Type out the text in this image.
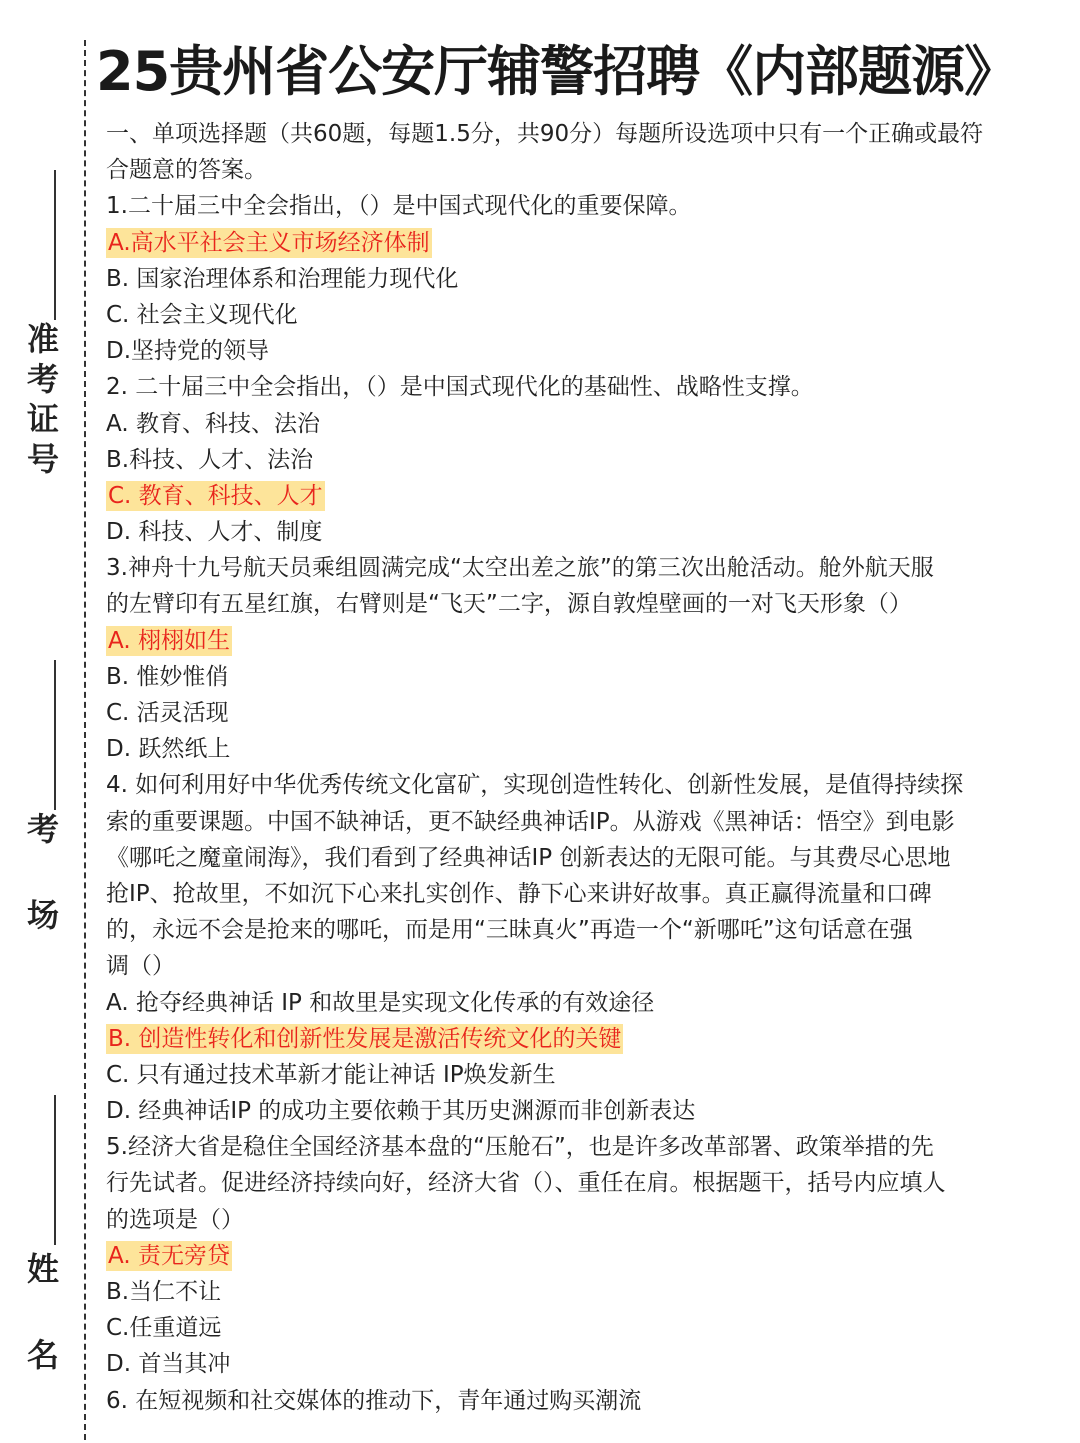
准考证号
考 场
姓 名
25贵州省公安厅辅警招聘《内部题源》
一、单项选择题（共60题，每题1.5分，共90分）每题所设选项中只有一个正确或最符
合题意的答案。
1.二十届三中全会指出，（）是中国式现代化的重要保障。
A.高水平社会主义市场经济体制
B. 国家治理体系和治理能力现代化
C. 社会主义现代化
D.坚持党的领导
2. 二十届三中全会指出，（）是中国式现代化的基础性、战略性支撑。
A. 教育、科技、法治
B.科技、人才、法治
C. 教育、科技、人才
D. 科技、人才、制度
3.神舟十九号航天员乘组圆满完成“太空出差之旅”的第三次出舱活动。舱外航天服
的左臂印有五星红旗，右臂则是“飞天”二字，源自敦煌壁画的一对飞天形象（）
A. 栩栩如生
B. 惟妙惟俏
C. 活灵活现
D. 跃然纸上
4. 如何利用好中华优秀传统文化富矿，实现创造性转化、创新性发展，是值得持续探
索的重要课题。中国不缺神话，更不缺经典神话IP。从游戏《黑神话：悟空》到电影
《哪吒之魔童闹海》，我们看到了经典神话IP 创新表达的无限可能。与其费尽心思地
抢IP、抢故里，不如沉下心来扎实创作、静下心来讲好故事。真正赢得流量和口碑
的，永远不会是抢来的哪吒，而是用“三昧真火”再造一个“新哪吒”这句话意在强
调（）
A. 抢夺经典神话 IP 和故里是实现文化传承的有效途径
B. 创造性转化和创新性发展是激活传统文化的关键
C. 只有通过技术革新才能让神话 IP焕发新生
D. 经典神话IP 的成功主要依赖于其历史渊源而非创新表达
5.经济大省是稳住全国经济基本盘的“压舱石”，也是许多改革部署、政策举措的先
行先试者。促进经济持续向好，经济大省（）、重任在肩。根据题干，括号内应填人
的选项是（）
A. 责无旁贷
B.当仁不让
C.任重道远
D. 首当其冲
6. 在短视频和社交媒体的推动下，青年通过购买潮流
